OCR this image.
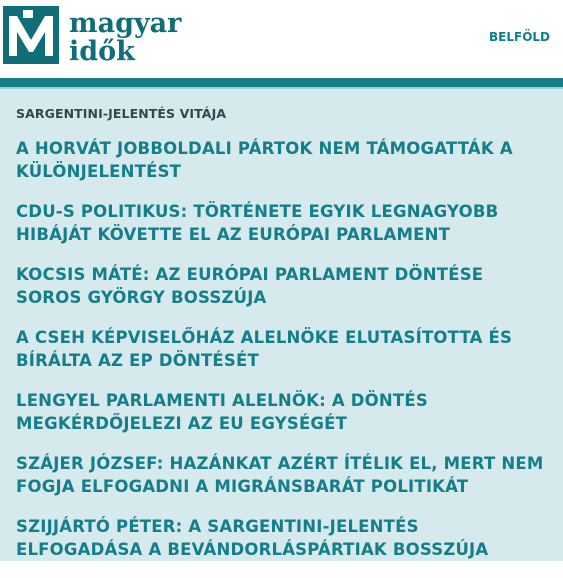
magyar
idők	BELFÖLD
SARGENTINI-JELENTÉS VITÁJA
A HORVÁT JOBBOLDALI PÁRTOK NEM TÁMOGATTÁK A KÜLÖNJELENTÉST
CDU-S POLITIKUS: TÖRTÉNETE EGYIK LEGNAGYOBB HIBÁJÁT KÖVETTE EL AZ EURÓPAI PARLAMENT
KOCSIS MÁTÉ: AZ EURÓPAI PARLAMENT DÖNTÉSE SOROS GYÖRGY BOSSZÚJA
A CSEH KÉPVISELŐHÁZ ALELNÖKE ELUTASÍTOTTA ÉS BÍRÁLTA AZ EP DÖNTÉSÉT
LENGYEL PARLAMENTI ALELNÖK: A DÖNTÉS MEGKÉRDŐJELEZI AZ EU EGYSÉGÉT
SZÁJER JÓZSEF: HAZÁNKAT AZÉRT ÍTÉLIK EL, MERT NEM FOGJA ELFOGADNI A MIGRÁNSBARÁT POLITIKÁT
SZIJJÁRTÓ PÉTER: A SARGENTINI-JELENTÉS ELFOGADÁSA A BEVÁNDORLÁSPÁRTIAK BOSSZÚJA
